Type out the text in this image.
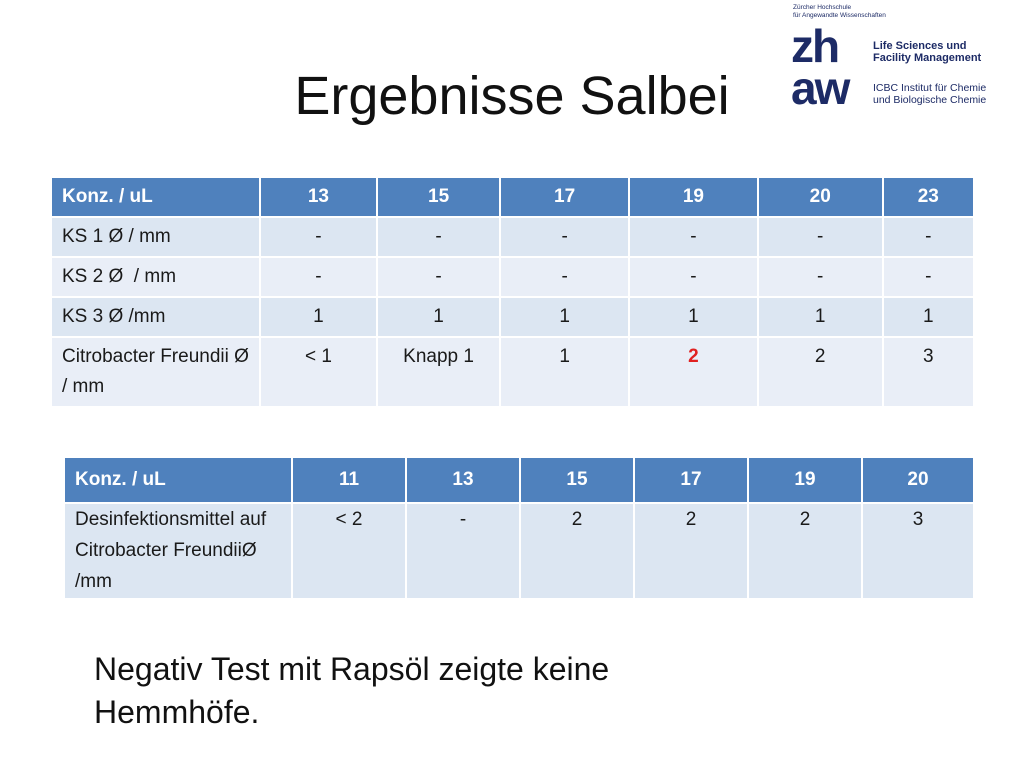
Ergebnisse Salbei
Zürcher Hochschule
für Angewandte Wissenschaften
zh
aw
Life Sciences und
Facility Management
ICBC Institut für Chemie
und Biologische Chemie
Konz. / uL	13	15	17	19	20	23
KS 1 Ø / mm	-	-	-	-	-	-
KS 2 Ø  / mm	-	-	-	-	-	-
KS 3 Ø /mm	1	1	1	1	1	1
Citrobacter Freundii Ø / mm	< 1	Knapp 1	1	2	2	3
Konz. / uL	11	13	15	17	19	20
Desinfektionsmittel auf Citrobacter FreundiiØ /mm	< 2	-	2	2	2	3
Negativ Test mit Rapsöl zeigte keine Hemmhöfe.
